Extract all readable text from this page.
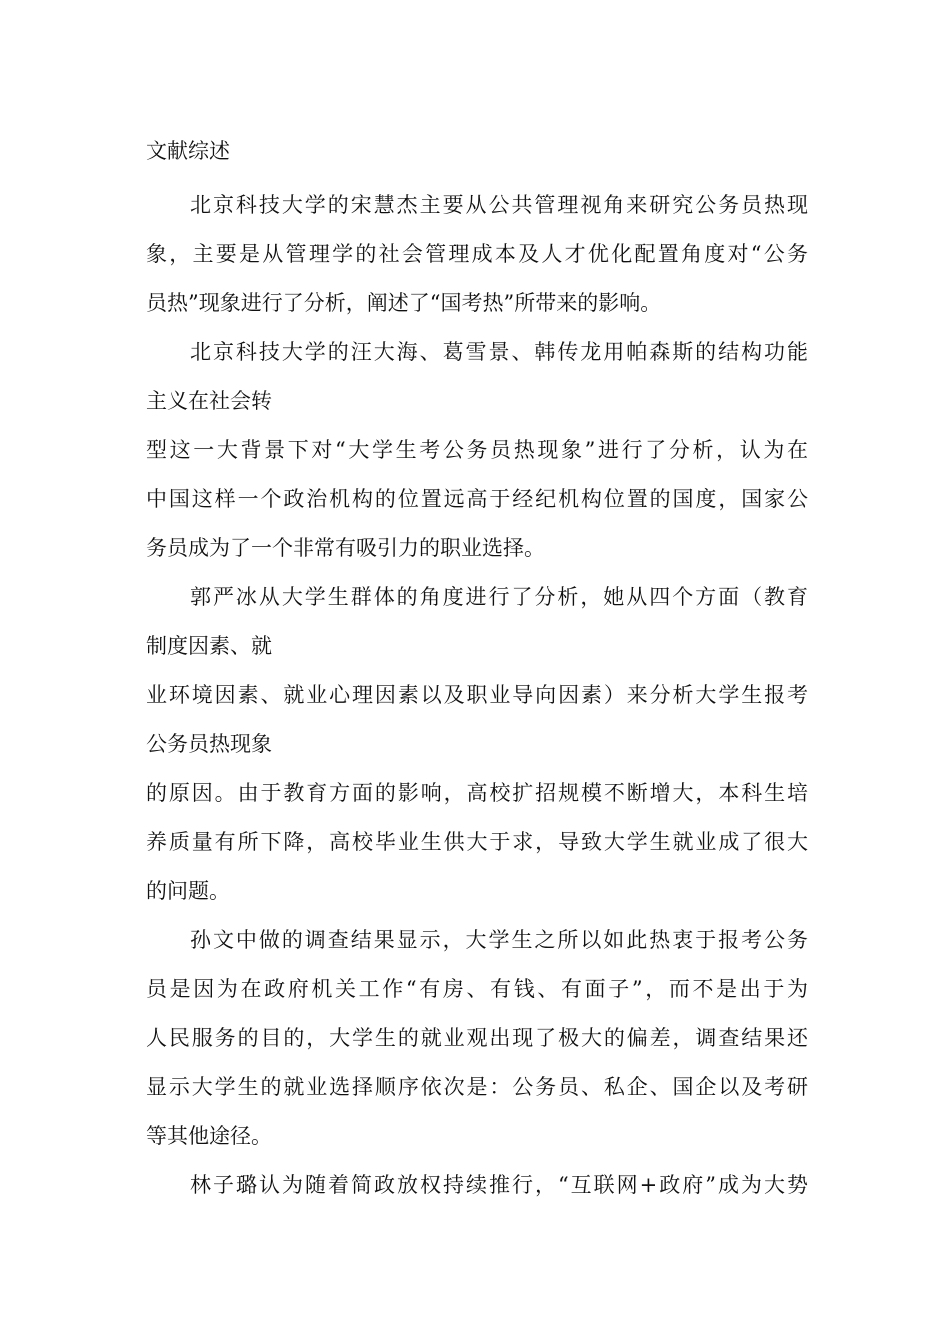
文献综述
北京科技大学的宋慧杰主要从公共管理视角来研究公务员热现
象，主要是从管理学的社会管理成本及人才优化配置角度对“公务
员热”现象进行了分析，阐述了“国考热”所带来的影响。
北京科技大学的汪大海、葛雪景、韩传龙用帕森斯的结构功能
主义在社会转
型这一大背景下对“大学生考公务员热现象”进行了分析，认为在
中国这样一个政治机构的位置远高于经纪机构位置的国度，国家公
务员成为了一个非常有吸引力的职业选择。
郭严冰从大学生群体的角度进行了分析，她从四个方面（教育
制度因素、就
业环境因素、就业心理因素以及职业导向因素）来分析大学生报考
公务员热现象
的原因。由于教育方面的影响，高校扩招规模不断增大，本科生培
养质量有所下降，高校毕业生供大于求，导致大学生就业成了很大
的问题。
孙文中做的调查结果显示，大学生之所以如此热衷于报考公务
员是因为在政府机关工作“有房、有钱、有面子”，而不是出于为
人民服务的目的，大学生的就业观出现了极大的偏差，调查结果还
显示大学生的就业选择顺序依次是：公务员、私企、国企以及考研
等其他途径。
林子璐认为随着简政放权持续推行，“互联网+政府”成为大势
